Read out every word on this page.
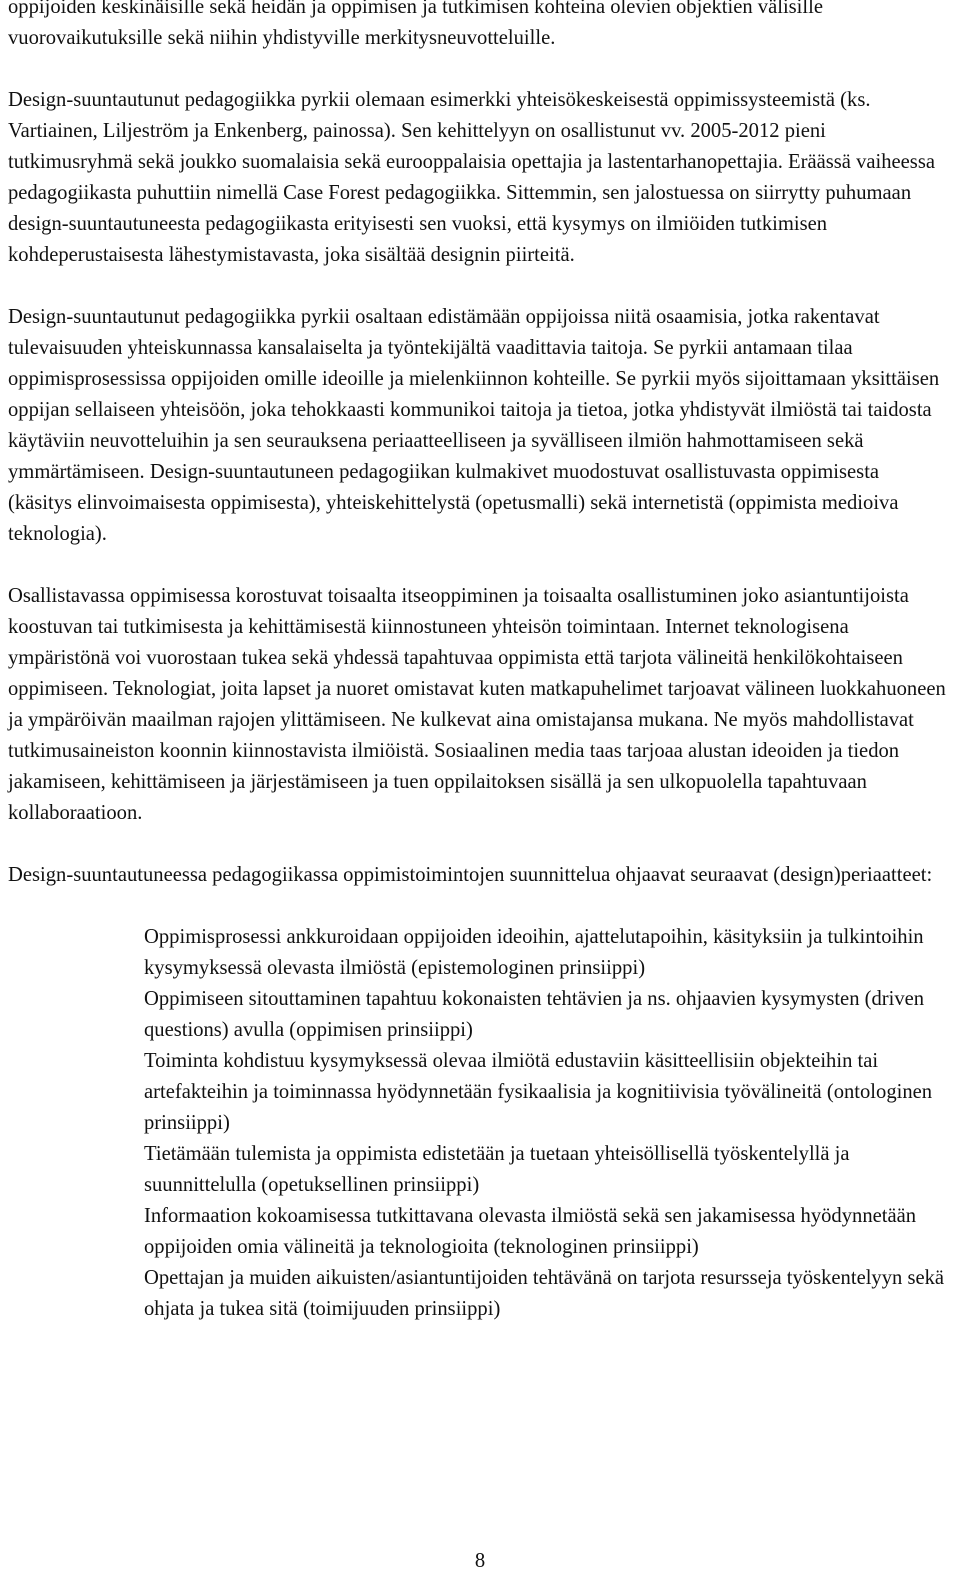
oppijoiden keskinäisille sekä heidän ja oppimisen ja tutkimisen kohteina olevien objektien välisille vuorovaikutuksille sekä niihin yhdistyville merkitysneuvotteluille.

Design-suuntautunut pedagogiikka pyrkii olemaan esimerkki yhteisökeskeisestä oppimissysteemistä (ks. Vartiainen, Liljeström ja Enkenberg, painossa). Sen kehittelyyn on osallistunut vv. 2005-2012 pieni tutkimusryhmä sekä joukko suomalaisia sekä eurooppalaisia opettajia ja lastentarhanopettajia. Eräässä vaiheessa pedagogiikasta puhuttiin nimellä Case Forest pedagogiikka. Sittemmin, sen jalostuessa on siirrytty puhumaan design-suuntautuneesta pedagogiikasta erityisesti sen vuoksi, että kysymys on ilmiöiden tutkimisen kohdeperustaisesta lähestymistavasta, joka sisältää designin piirteitä.

Design-suuntautunut pedagogiikka pyrkii osaltaan edistämään oppijoissa niitä osaamisia, jotka rakentavat tulevaisuuden yhteiskunnassa kansalaiselta ja työntekijältä vaadittavia taitoja. Se pyrkii antamaan tilaa oppimisprosessissa oppijoiden omille ideoille ja mielenkiinnon kohteille. Se pyrkii myös sijoittamaan yksittäisen oppijan sellaiseen yhteisöön, joka tehokkaasti kommunikoi taitoja ja tietoa, jotka yhdistyvät ilmiöstä tai taidosta käytäviin neuvotteluihin ja sen seurauksena periaatteelliseen ja syvälliseen ilmiön hahmottamiseen sekä ymmärtämiseen. Design-suuntautuneen pedagogiikan kulmakivet muodostuvat osallistuvasta oppimisesta (käsitys elinvoimaisesta oppimisesta), yhteiskehittelystä (opetusmalli) sekä internetistä (oppimista medioiva teknologia).

Osallistavassa oppimisessa korostuvat toisaalta itseoppiminen ja toisaalta osallistuminen joko asiantuntijoista koostuvan tai tutkimisesta ja kehittämisestä kiinnostuneen yhteisön toimintaan. Internet teknologisena ympäristönä voi vuorostaan tukea sekä yhdessä tapahtuvaa oppimista että tarjota välineitä henkilökohtaiseen oppimiseen. Teknologiat, joita lapset ja nuoret omistavat kuten matkapuhelimet tarjoavat välineen luokkahuoneen ja ympäröivän maailman rajojen ylittämiseen. Ne kulkevat aina omistajansa mukana. Ne myös mahdollistavat tutkimusaineiston koonnin kiinnostavista ilmiöistä. Sosiaalinen media taas tarjoaa alustan ideoiden ja tiedon jakamiseen, kehittämiseen ja järjestämiseen ja tuen oppilaitoksen sisällä ja sen ulkopuolella tapahtuvaan kollaboraatioon.

Design-suuntautuneessa pedagogiikassa oppimistoimintojen suunnittelua ohjaavat seuraavat (design)periaatteet:

Oppimisprosessi ankkuroidaan oppijoiden ideoihin, ajattelutapoihin, käsityksiin ja tulkintoihin kysymyksessä olevasta ilmiöstä (epistemologinen prinsiippi)
Oppimiseen sitouttaminen tapahtuu kokonaisten tehtävien ja ns. ohjaavien kysymysten (driven questions) avulla (oppimisen prinsiippi)
Toiminta kohdistuu kysymyksessä olevaa ilmiötä edustaviin käsitteellisiin objekteihin tai artefakteihin ja toiminnassa hyödynnetään fysikaalisia ja kognitiivisia työvälineitä (ontologinen prinsiippi)
Tietämään tulemista ja oppimista edistetään ja tuetaan yhteisöllisellä työskentelyllä ja suunnittelulla (opetuksellinen prinsiippi)
Informaation kokoamisessa tutkittavana olevasta ilmiöstä sekä sen jakamisessa hyödynnetään oppijoiden omia välineitä ja teknologioita (teknologinen prinsiippi)
Opettajan ja muiden aikuisten/asiantuntijoiden tehtävänä on tarjota resursseja työskentelyyn sekä ohjata ja tukea sitä (toimijuuden prinsiippi)
8
